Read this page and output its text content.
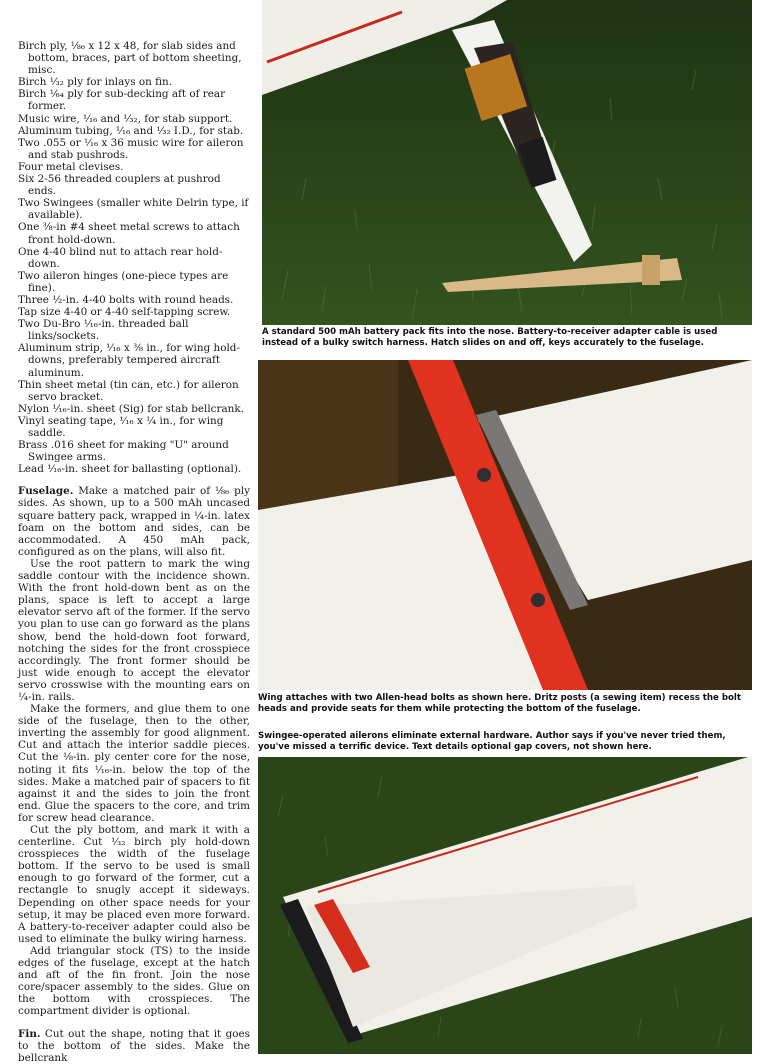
Birch ply, ⅛₆ x 12 x 48, for slab sides and bottom, braces, part of bottom sheeting, misc.

Birch ⅟₃₂ ply for inlays on fin.

Birch ⅟₆₄ ply for sub-decking aft of rear former.

Music wire, ⅟₁₆ and ⅟₃₂, for stab support.

Aluminum tubing, ⅟₁₆ and ⅟₃₂ I.D., for stab.

Two .055 or ⅟₁₆ x 36 music wire for aileron and stab pushrods.

Four metal clevises.

Six 2-56 threaded couplers at pushrod ends.

Two Swingees (smaller white Delrin type, if available).

One ⅜-in #4 sheet metal screws to attach front hold-down.

One 4-40 blind nut to attach rear hold-down.

Two aileron hinges (one-piece types are fine).

Three ½-in. 4-40 bolts with round heads.

Tap size 4-40 or 4-40 self-tapping screw.

Two Du-Bro ⅟₁₆-in. threaded ball links/sockets.

Aluminum strip, ⅟₁₆ x ⅜ in., for wing hold-downs, preferably tempered aircraft aluminum.

Thin sheet metal (tin can, etc.) for aileron servo bracket.

Nylon ⅟₁₆-in. sheet (Sig) for stab bellcrank.

Vinyl seating tape, ⅟₁₆ x ¼ in., for wing saddle.

Brass .016 sheet for making "U" around Swingee arms.

Lead ⅟₁₆-in. sheet for ballasting (optional).

Fuselage. Make a matched pair of ⅛₆ ply sides. As shown, up to a 500 mAh uncased square battery pack, wrapped in ¼-in. latex foam on the bottom and sides, can be accommodated. A 450 mAh pack, configured as on the plans, will also fit.

Use the root pattern to mark the wing saddle contour with the incidence shown. With the front hold-down bent as on the plans, space is left to accept a large elevator servo aft of the former. If the servo you plan to use can go forward as the plans show, bend the hold-down foot forward, notching the sides for the front crosspiece accordingly. The front former should be just wide enough to accept the elevator servo crosswise with the mounting ears on ¼-in. rails.

Make the formers, and glue them to one side of the fuselage, then to the other, inverting the assembly for good alignment. Cut and attach the interior saddle pieces. Cut the ⅛-in. ply center core for the nose, noting it fits ⅟₁₆-in. below the top of the sides. Make a matched pair of spacers to fit against it and the sides to join the front end. Glue the spacers to the core, and trim for screw head clearance.

Cut the ply bottom, and mark it with a centerline. Cut ⅟₃₂ birch ply hold-down crosspieces the width of the fuselage bottom. If the servo to be used is small enough to go forward of the former, cut a rectangle to snugly accept it sideways. Depending on other space needs for your setup, it may be placed even more forward. A battery-to-receiver adapter could also be used to eliminate the bulky wiring harness.

Add triangular stock (TS) to the inside edges of the fuselage, except at the hatch and aft of the fin front. Join the nose core/spacer assembly to the sides. Glue on the bottom with crosspieces. The compartment divider is optional.

Fin. Cut out the shape, noting that it goes to the bottom of the sides. Make the bellcrank

A standard 500 mAh battery pack fits into the nose. Battery-to-receiver adapter cable is used instead of a bulky switch harness. Hatch slides on and off, keys accurately to the fuselage.
Wing attaches with two Allen-head bolts as shown here. Dritz posts (a sewing item) recess the bolt heads and provide seats for them while protecting the bottom of the fuselage.
Swingee-operated ailerons eliminate external hardware. Author says if you've never tried them, you've missed a terrific device. Text details optional gap covers, not shown here.
